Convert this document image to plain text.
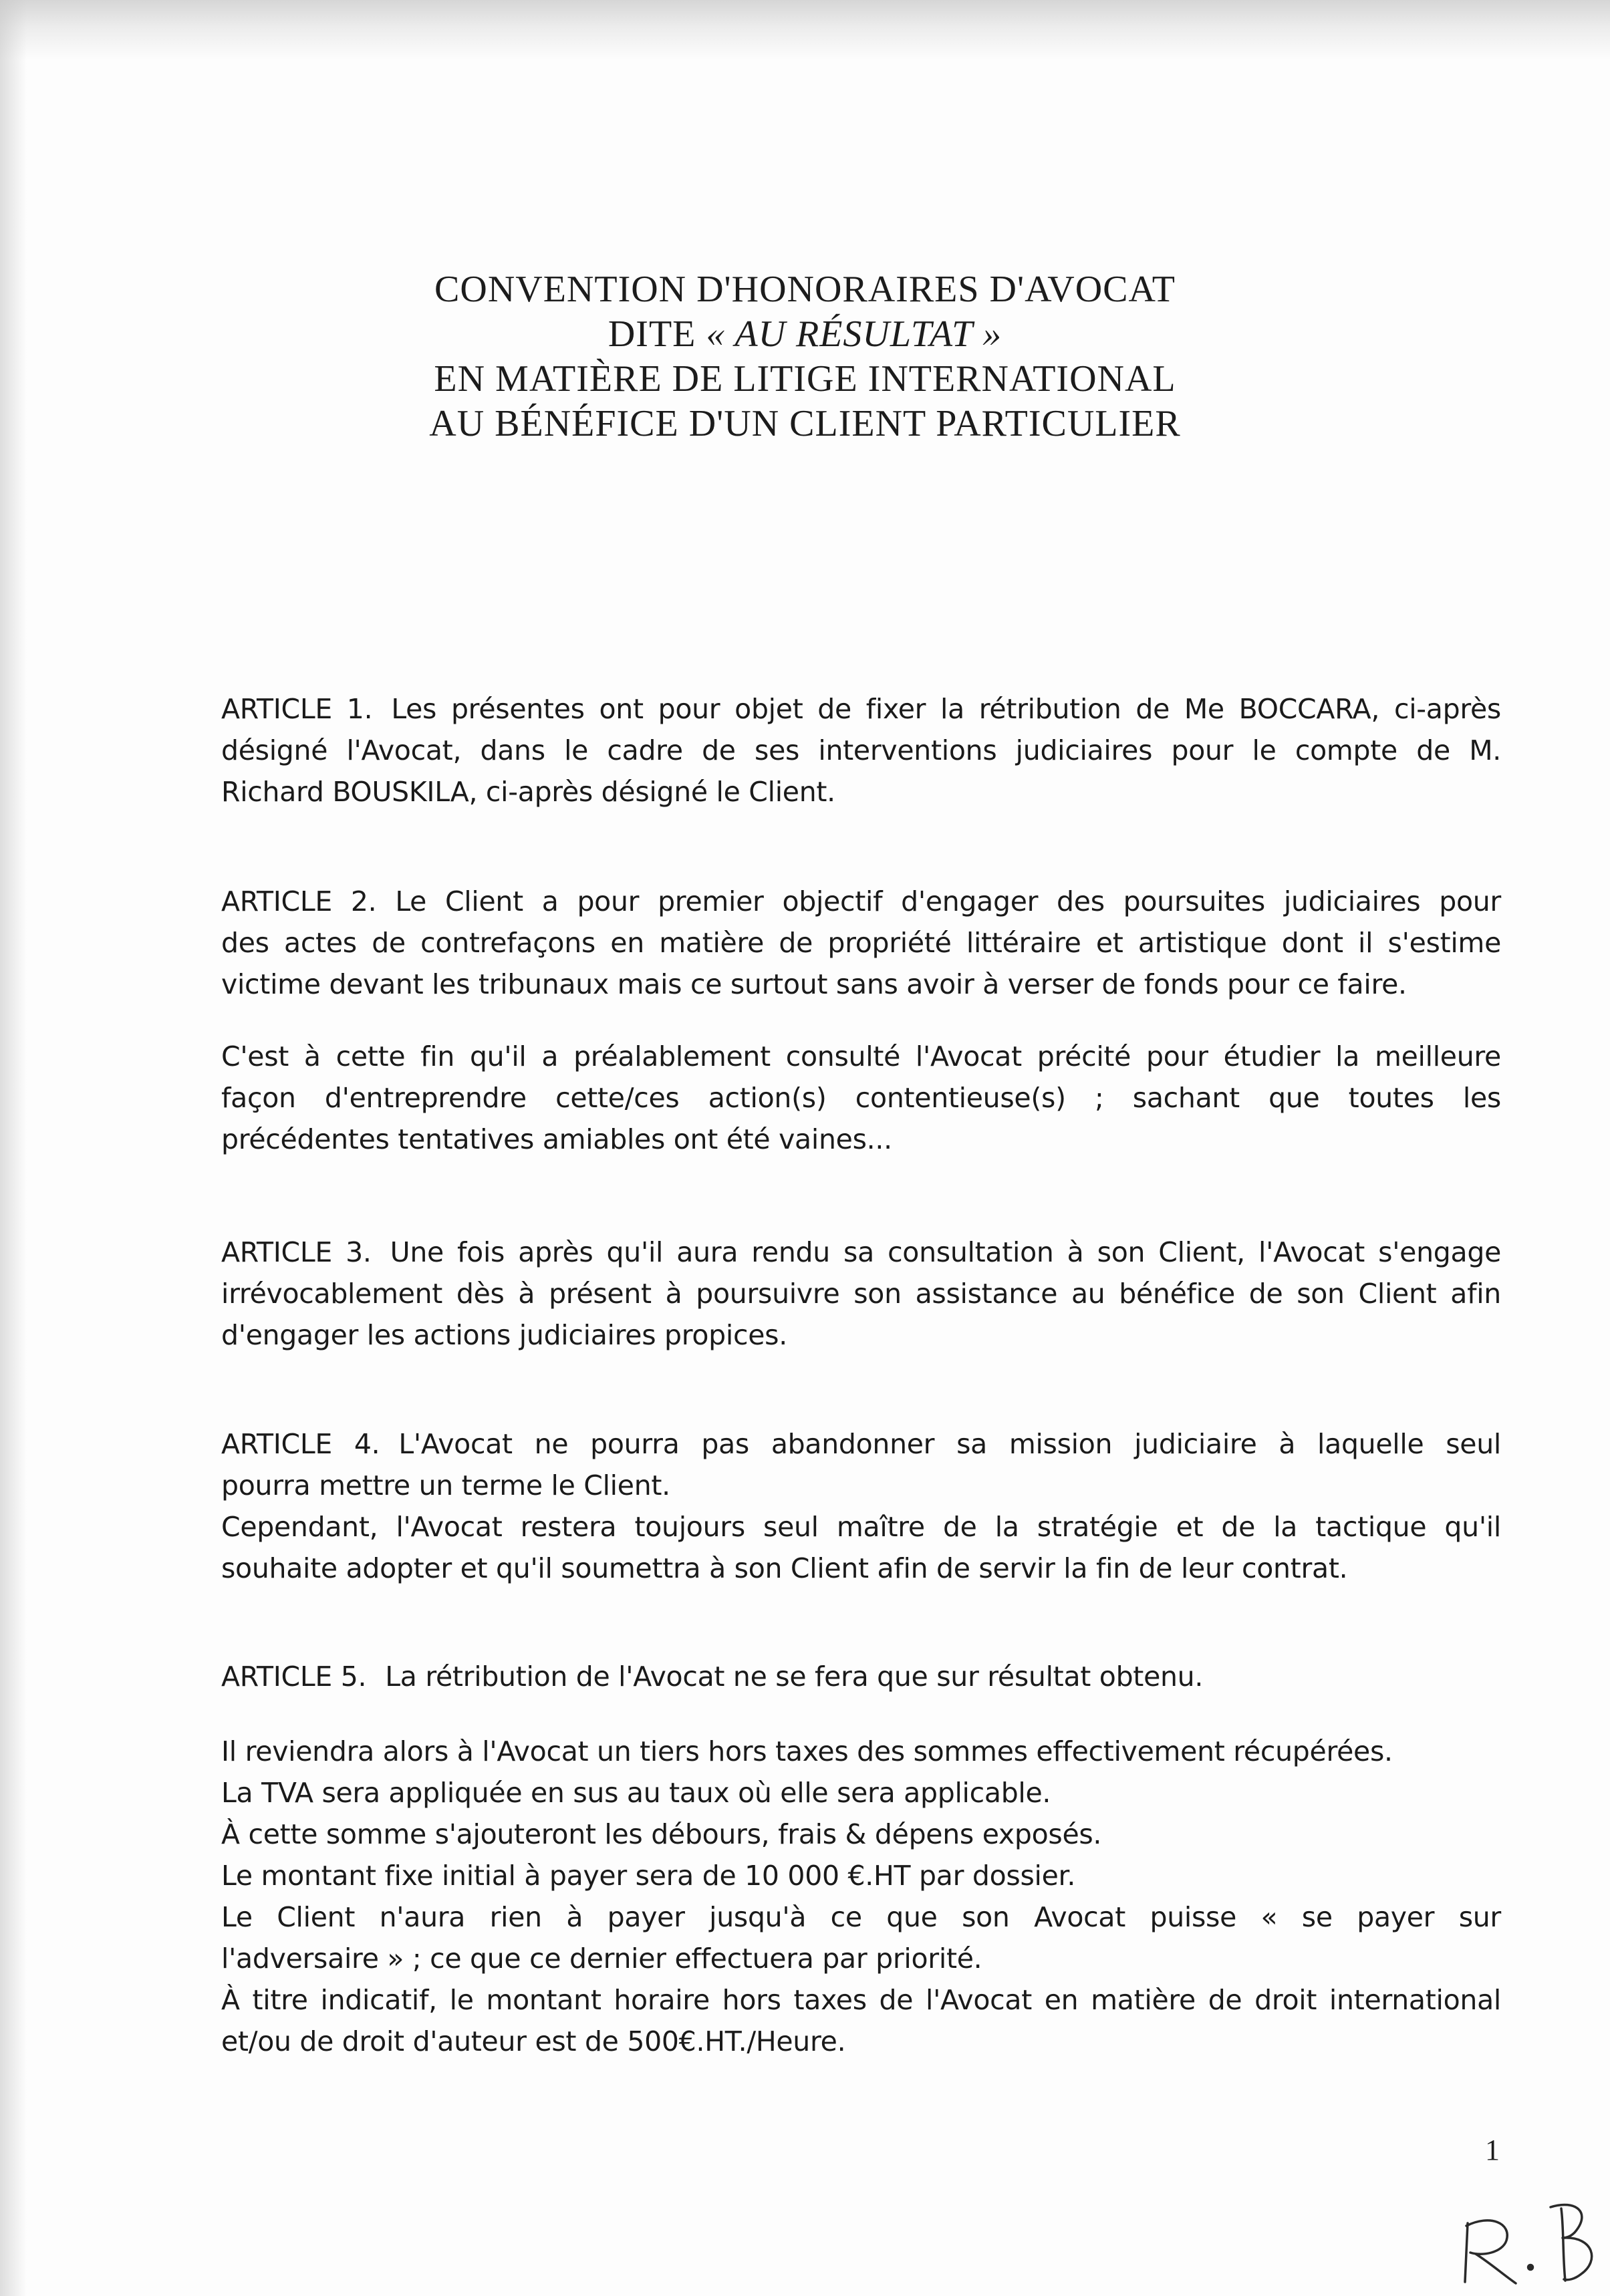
CONVENTION D'HONORAIRES D'AVOCAT
DITE « AU RÉSULTAT »
EN MATIÈRE DE LITIGE INTERNATIONAL
AU BÉNÉFICE D'UN CLIENT PARTICULIER
ARTICLE 1. Les présentes ont pour objet de fixer la rétribution de Me BOCCARA, ci-après
désigné l'Avocat, dans le cadre de ses interventions judiciaires pour le compte de M.
Richard BOUSKILA, ci-après désigné le Client.
ARTICLE 2. Le Client a pour premier objectif d'engager des poursuites judiciaires pour
des actes de contrefaçons en matière de propriété littéraire et artistique dont il s'estime
victime devant les tribunaux mais ce surtout sans avoir à verser de fonds pour ce faire.
C'est à cette fin qu'il a préalablement consulté l'Avocat précité pour étudier la meilleure
façon d'entreprendre cette/ces action(s) contentieuse(s) ; sachant que toutes les
précédentes tentatives amiables ont été vaines...
ARTICLE 3. Une fois après qu'il aura rendu sa consultation à son Client, l'Avocat s'engage
irrévocablement dès à présent à poursuivre son assistance au bénéfice de son Client afin
d'engager les actions judiciaires propices.
ARTICLE 4. L'Avocat ne pourra pas abandonner sa mission judiciaire à laquelle seul
pourra mettre un terme le Client.
Cependant, l'Avocat restera toujours seul maître de la stratégie et de la tactique qu'il
souhaite adopter et qu'il soumettra à son Client afin de servir la fin de leur contrat.
ARTICLE 5. La rétribution de l'Avocat ne se fera que sur résultat obtenu.
Il reviendra alors à l'Avocat un tiers hors taxes des sommes effectivement récupérées.
La TVA sera appliquée en sus au taux où elle sera applicable.
À cette somme s'ajouteront les débours, frais & dépens exposés.
Le montant fixe initial à payer sera de 10 000 €.HT par dossier.
Le Client n'aura rien à payer jusqu'à ce que son Avocat puisse « se payer sur
l'adversaire » ; ce que ce dernier effectuera par priorité.
À titre indicatif, le montant horaire hors taxes de l'Avocat en matière de droit international
et/ou de droit d'auteur est de 500€.HT./Heure.
1
